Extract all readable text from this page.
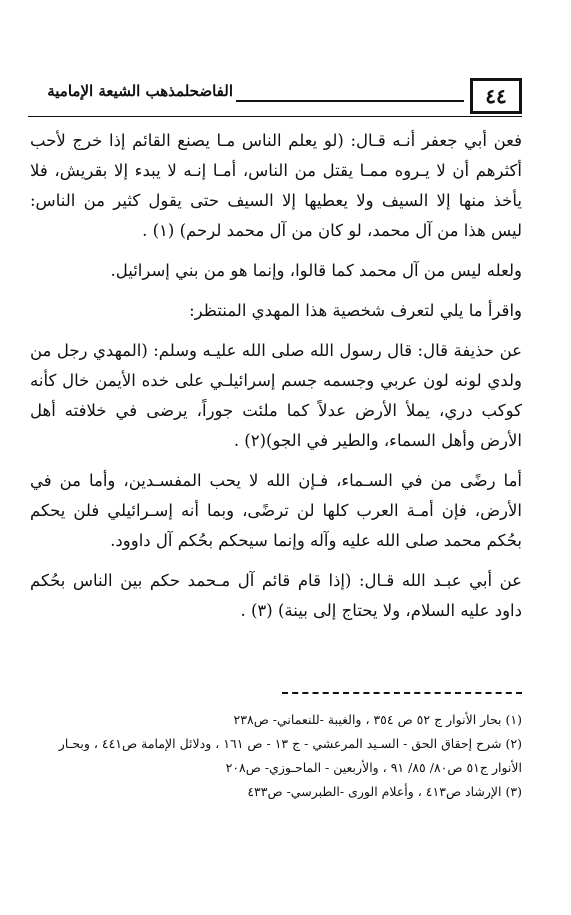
٤٤
الفاضحلمذهب الشيعة الإمامية

فعن أبي جعفر أنـه قـال: (لو يعلم الناس مـا يصنع القائم إذا خرج لأحب أكثرهم أن لا يـروه ممـا يقتل من الناس، أمـا إنـه لا يبدء إلا بقريش، فلا يأخذ منها إلا السيف ولا يعطيها إلا السيف حتى يقول كثير من الناس: ليس هذا من آل محمد، لو كان من آل محمد لرحم) (١) .

ولعله ليس من آل محمد كما قالوا، وإنما هو من بني إسرائيل.

واقرأ ما يلي لتعرف شخصية هذا المهدي المنتظر:

عن حذيفة قال: قال رسول الله صلى الله عليـه وسلم: (المهدي رجل من ولدي لونه لون عربي وجسمه جسم إسرائيلـي على خده الأيمن خال كأنه كوكب دري، يملأ الأرض عدلاً كما ملئت جوراً، يرضى في خلافته أهل الأرض وأهل السماء، والطير في الجو)(٢) .

أما رضًى من في السـماء، فـإن الله لا يحب المفسـدين، وأما من في الأرض، فإن أمـة العرب كلها لن ترضًى، وبما أنه إسـرائيلي فلن يحكم بحُكم محمد صلى الله عليه وآله وإنما سيحكم بحُكم آل داوود.

عن أبي عبـد الله قـال: (إذا قام قائم آل مـحمد حكم بين الناس بحُكم داود عليه السلام، ولا يحتاج إلى بينة) (٣) .

(١) بحار الأنوار ج ٥٢ ص ٣٥٤ ، والغيبة -للنعماني- ص٢٣٨

(٢) شرح إحقاق الحق - السـيد المرعشي - ج ١٣ - ص ١٦١ ، ودلائل الإمامة ص٤٤١ ، وبحـار الأنوار ج٥١ ص٨٠/ ٨٥/ ٩١ ، والأربعين - الماحـوزي- ص٢٠٨

(٣) الإرشاد ص٤١٣ ، وأعلام الورى -الطبرسي- ص٤٣٣
